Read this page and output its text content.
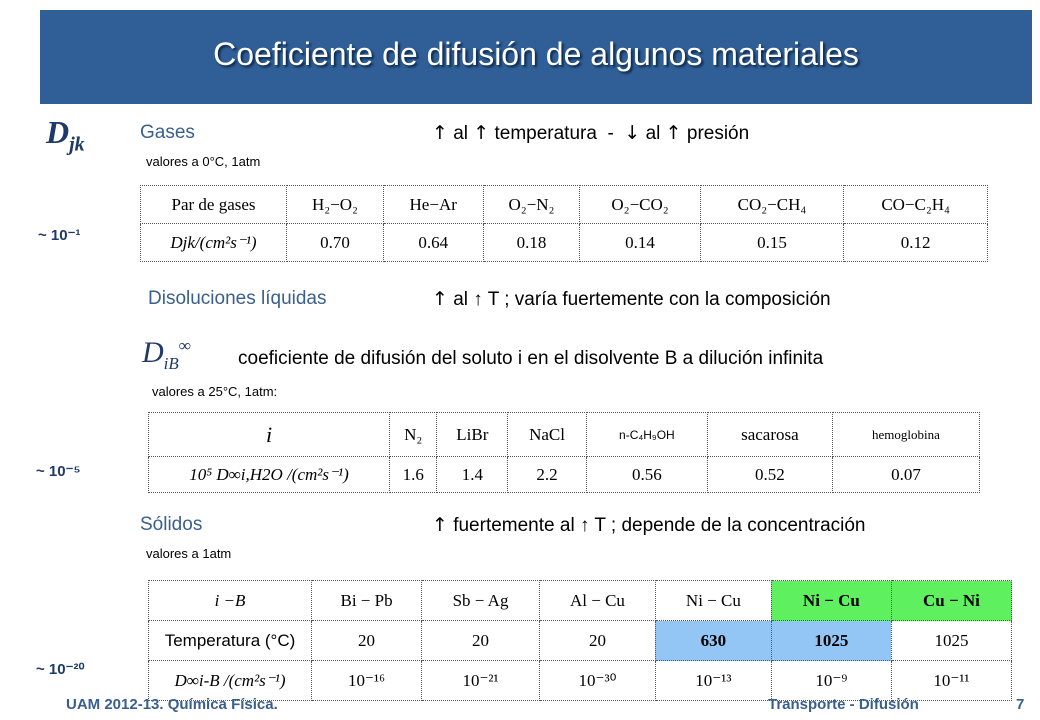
Coeficiente de difusión de algunos materiales
$D_{jk}$
Gases	↑ al ↑ temperatura - ↓ al ↑ presión
valores a 0°C, 1atm
~ 10⁻¹
Par de gases	H₂−O₂	He−Ar	O₂−N₂	O₂−CO₂	CO₂−CH₄	CO−C₂H₄
Djk/(cm²s⁻¹)	0.70	0.64	0.18	0.14	0.15	0.12
Disoluciones líquidas	↑ al ↑ T ; varía fuertemente con la composición
$D_{iB}^\infty$
coeficiente de difusión del soluto i en el disolvente B a dilución infinita
valores a 25°C, 1atm:
~ 10⁻⁵
i	N₂	LiBr	NaCl	n-C₄H₉OH	sacarosa	hemoglobina
10⁵ D∞i,H2O /(cm²s⁻¹)	1.6	1.4	2.2	0.56	0.52	0.07
Sólidos	↑ fuertemente al ↑ T ; depende de la concentración
valores a 1atm
~ 10⁻²⁰
i −B	Bi − Pb	Sb − Ag	Al − Cu	Ni − Cu	Ni − Cu	Cu − Ni
Temperatura (°C)	20	20	20	630	1025	1025
D∞i-B /(cm²s⁻¹)	10⁻¹⁶	10⁻²¹	10⁻³⁰	10⁻¹³	10⁻⁹	10⁻¹¹
UAM 2012-13. Química Física.	Transporte - Difusión	7
